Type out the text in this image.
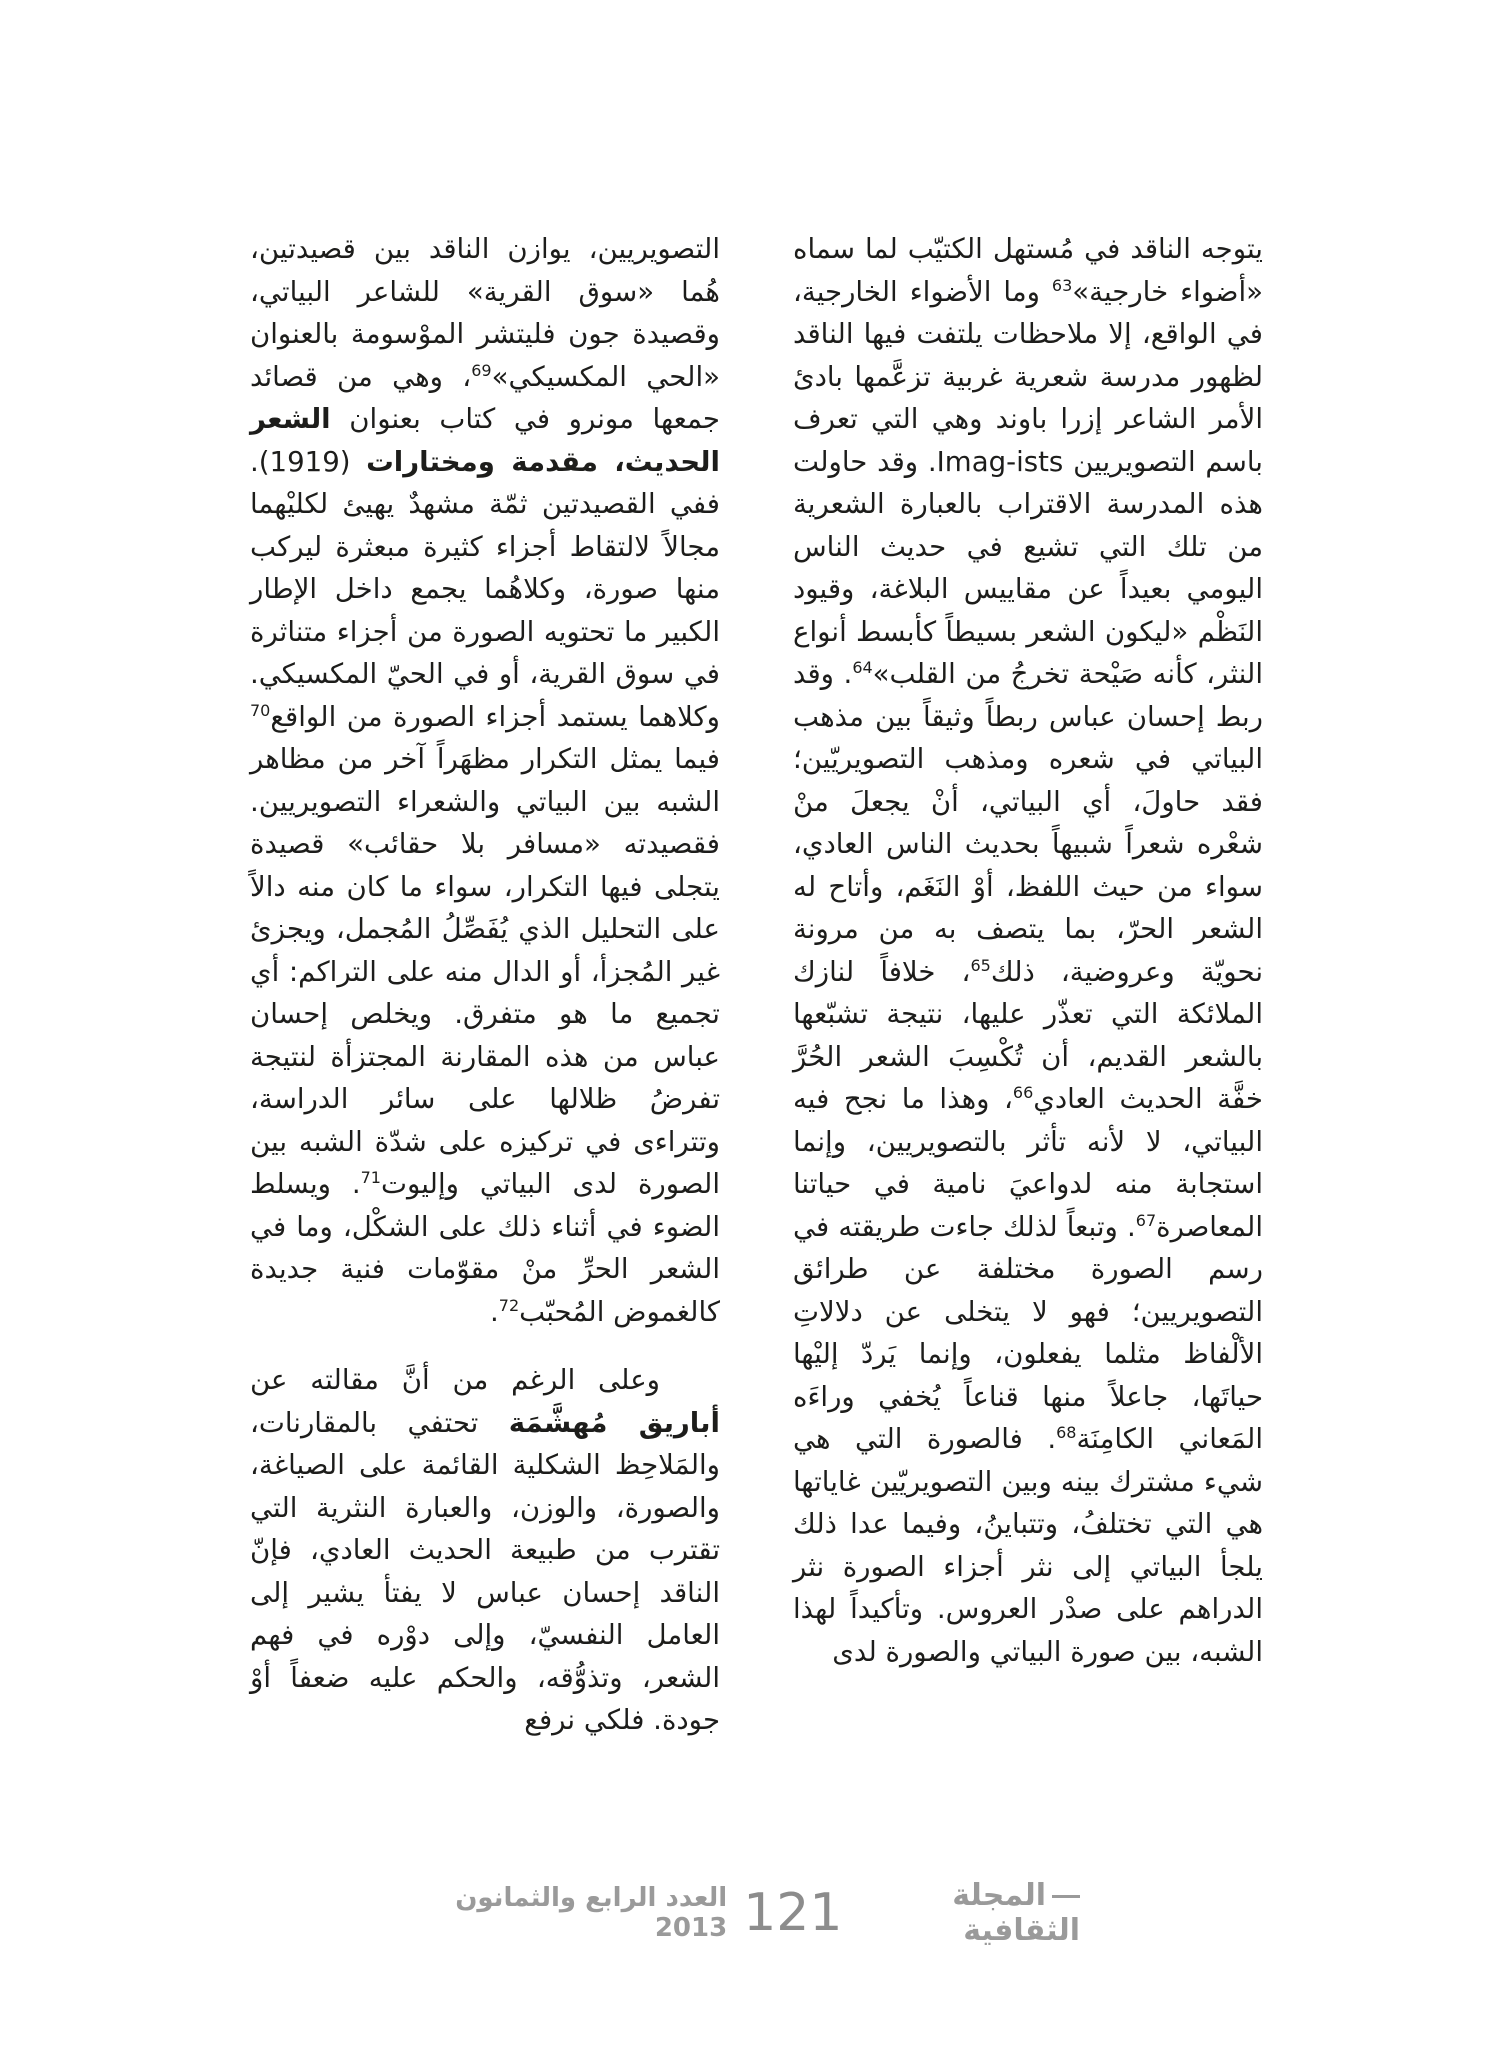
يتوجه الناقد في مُستهل الكتيّب لما سماه «أضواء خارجية»$^{63}$ وما الأضواء الخارجية، في الواقع، إلا ملاحظات يلتفت فيها الناقد لظهور مدرسة شعرية غربية تزعَّمها بادئ الأمر الشاعر إزرا باوند وهي التي تعرف باسم التصويريين Imag-ists. وقد حاولت هذه المدرسة الاقتراب بالعبارة الشعرية من تلك التي تشيع في حديث الناس اليومي بعيداً عن مقاييس البلاغة، وقيود النَظْم «ليكون الشعر بسيطاً كأبسط أنواع النثر، كأنه صَيْحة تخرجُ من القلب»$^{64}$. وقد ربط إحسان عباس ربطاً وثيقاً بين مذهب البياتي في شعره ومذهب التصويريّين؛ فقد حاولَ، أي البياتي، أنْ يجعلَ منْ شعْره شعراً شبيهاً بحديث الناس العادي، سواء من حيث اللفظ، أوْ النَغَم، وأتاح له الشعر الحرّ، بما يتصف به من مرونة نحويّة وعروضية، ذلك$^{65}$، خلافاً لنازك الملائكة التي تعذّر عليها، نتيجة تشبّعها بالشعر القديم، أن تُكْسِبَ الشعر الحُرَّ خفَّة الحديث العادي$^{66}$، وهذا ما نجح فيه البياتي، لا لأنه تأثر بالتصويريين، وإنما استجابة منه لدواعيَ نامية في حياتنا المعاصرة$^{67}$. وتبعاً لذلك جاءت طريقته في رسم الصورة مختلفة عن طرائق التصويريين؛ فهو لا يتخلى عن دلالاتِ الألْفاظ مثلما يفعلون، وإنما يَردّ إليْها حياتَها، جاعلاً منها قناعاً يُخفي وراءَه المَعاني الكامِنَة$^{68}$. فالصورة التي هي شيء مشترك بينه وبين التصويريّين غاياتها هي التي تختلفُ، وتتباينُ، وفيما عدا ذلك يلجأ البياتي إلى نثر أجزاء الصورة نثر الدراهم على صدْر العروس. وتأكيداً لهذا الشبه، بين صورة البياتي والصورة لدى

التصويريين، يوازن الناقد بين قصيدتين، هُما «سوق القرية» للشاعر البياتي، وقصيدة جون فليتشر الموْسومة بالعنوان «الحي المكسيكي»$^{69}$، وهي من قصائد جمعها مونرو في كتاب بعنوان الشعر الحديث، مقدمة ومختارات (1919). ففي القصيدتين ثمّة مشهدٌ يهيئ لكليْهما مجالاً لالتقاط أجزاء كثيرة مبعثرة ليركب منها صورة، وكلاهُما يجمع داخل الإطار الكبير ما تحتويه الصورة من أجزاء متناثرة في سوق القرية، أو في الحيّ المكسيكي. وكلاهما يستمد أجزاء الصورة من الواقع$^{70}$ فيما يمثل التكرار مظهَراً آخر من مظاهر الشبه بين البياتي والشعراء التصويريين. فقصيدته «مسافر بلا حقائب» قصيدة يتجلى فيها التكرار، سواء ما كان منه دالاً على التحليل الذي يُفَصِّلُ المُجمل، ويجزئ غير المُجزأ، أو الدال منه على التراكم: أي تجميع ما هو متفرق. ويخلص إحسان عباس من هذه المقارنة المجتزأة لنتيجة تفرضُ ظلالها على سائر الدراسة، وتتراءى في تركيزه على شدّة الشبه بين الصورة لدى البياتي وإليوت$^{71}$. ويسلط الضوء في أثناء ذلك على الشكْل، وما في الشعر الحرِّ منْ مقوّمات فنية جديدة كالغموض المُحبّب$^{72}$.

وعلى الرغم من أنَّ مقالته عن أباريق مُهشَّمَة تحتفي بالمقارنات، والمَلاحِظ الشكلية القائمة على الصياغة، والصورة، والوزن، والعبارة النثرية التي تقترب من طبيعة الحديث العادي، فإنّ الناقد إحسان عباس لا يفتأ يشير إلى العامل النفسيّ، وإلى دوْره في فهم الشعر، وتذوُّقه، والحكم عليه ضعفاً أوْ جودة. فلكي نرفع

المجلة الثقافية
121
العدد الرابع والثمانون 2013
